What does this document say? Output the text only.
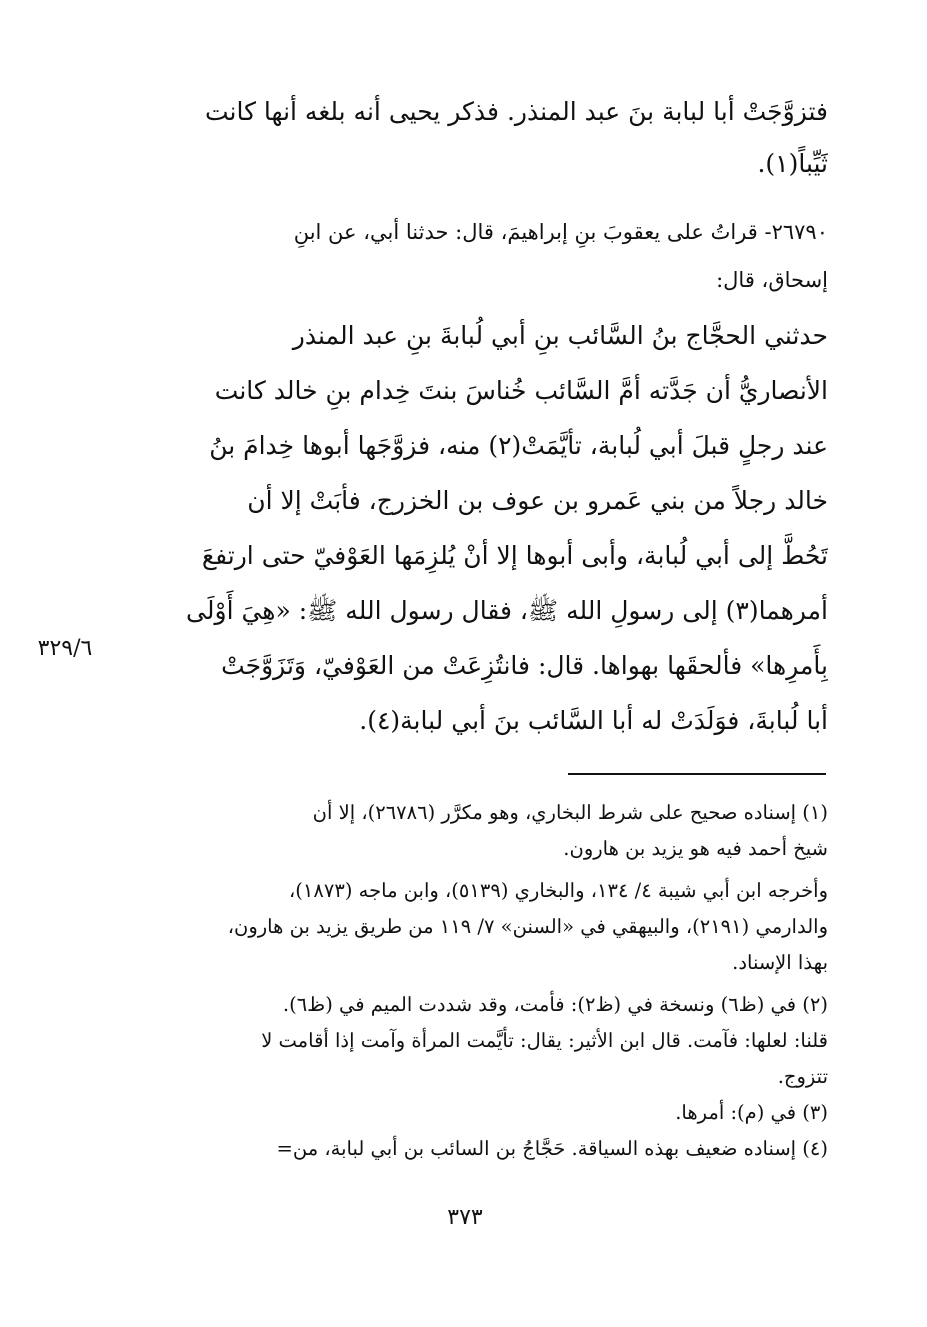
فتزوَّجَتْ أبا لبابة بنَ عبد المنذر. فذكر يحيى أنه بلغه أنها كانت
ثَيِّباً(١).
٢٦٧٩٠- قراتُ على يعقوبَ بنِ إبراهيمَ، قال: حدثنا أبي، عن ابنِ
إسحاق، قال:
حدثني الحجَّاج بنُ السَّائب بنِ أبي لُبابةَ بنِ عبد المنذر
الأنصاريُّ أن جَدَّته أمَّ السَّائب خُناسَ بنتَ خِدام بنِ خالد كانت
عند رجلٍ قبلَ أبي لُبابة، تأيَّمَتْ(٢) منه، فزوَّجَها أبوها خِدامَ بنُ
خالد رجلاً من بني عَمرو بن عوف بن الخزرج، فأبَتْ إلا أن
تَحُطَّ إلى أبي لُبابة، وأبى أبوها إلا أنْ يُلزِمَها العَوْفيّ حتى ارتفعَ
أمرهما(٣) إلى رسولِ الله ﷺ، فقال رسول الله ﷺ: «هِيَ أَوْلَى
بِأَمرِها» فألحقَها بهواها. قال: فانتُزِعَتْ من العَوْفيّ، وَتَزَوَّجَتْ
أبا لُبابةَ، فوَلَدَتْ له أبا السَّائب بنَ أبي لبابة(٤).
٣٢٩/٦
(١) إسناده صحيح على شرط البخاري، وهو مكرَّر (٢٦٧٨٦)، إلا أن
شيخ أحمد فيه هو يزيد بن هارون.
وأخرجه ابن أبي شيبة ٤/ ١٣٤، والبخاري (٥١٣٩)، وابن ماجه (١٨٧٣)،
والدارمي (٢١٩١)، والبيهقي في «السنن» ٧/ ١١٩ من طريق يزيد بن هارون،
بهذا الإسناد.
(٢) في (ظ٦) ونسخة في (ظ٢): فأمت، وقد شددت الميم في (ظ٦).
قلنا: لعلها: فآمت. قال ابن الأثير: يقال: تأيَّمت المرأة وآمت إذا أقامت لا
تتزوج.
(٣) في (م): أمرها.
(٤) إسناده ضعيف بهذه السياقة. حَجَّاجُ بن السائب بن أبي لبابة، من=
٣٧٣
